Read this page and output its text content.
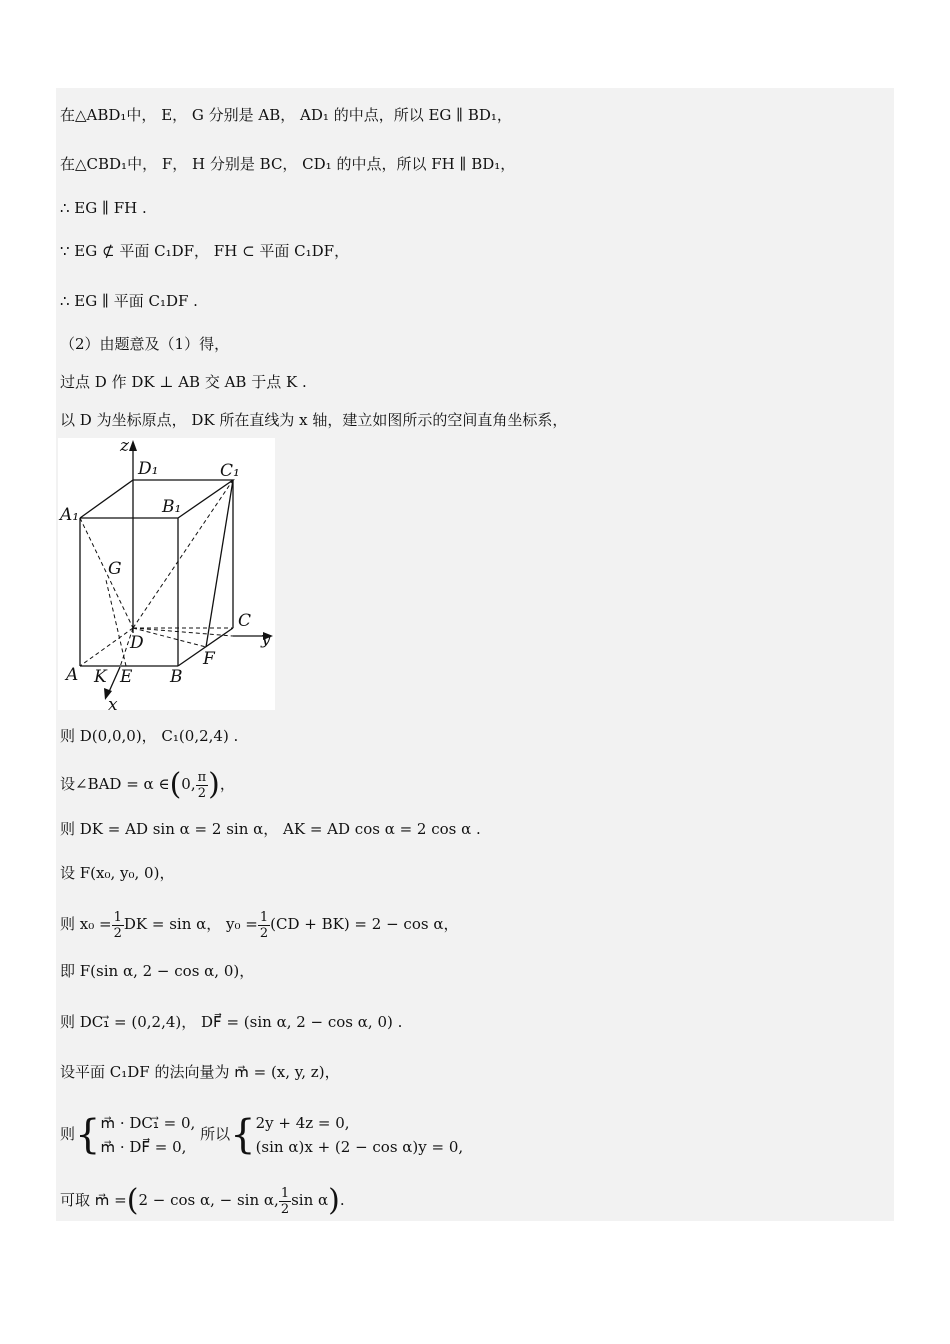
在△ABD₁中， E， G 分别是 AB， AD₁ 的中点，所以 EG ∥ BD₁，
在△CBD₁中， F， H 分别是 BC， CD₁ 的中点，所以 FH ∥ BD₁，
∴ EG ∥ FH .
∵ EG ⊄ 平面 C₁DF， FH ⊂ 平面 C₁DF，
∴ EG ∥ 平面 C₁DF .
（2）由题意及（1）得，
过点 D 作 DK ⊥ AB 交 AB 于点 K .
以 D 为坐标原点， DK 所在直线为 x 轴，建立如图所示的空间直角坐标系，
z
y
x
D₁	C₁
A₁	B₁
G
D
C
F
A K E B
则 D(0,0,0)， C₁(0,2,4) .
设∠BAD = α ∈(0, $\frac{\pi}{2}$ )，
则 DK = AD sin α = 2 sin α， AK = AD cos α = 2 cos α .
设 F(x₀, y₀, 0)，
则 $x_0 = \frac{1}{2}$ DK = sin α， $y_0 = \frac{1}{2} (CD + BK) = 2 - \cos \alpha$，
即 F(sin α, 2 − cos α, 0)，
则 DC₁⃗ = (0,2,4)， DF⃗ = (sin α, 2 − cos α, 0) .
设平面 C₁DF 的法向量为 m⃗ = (x, y, z)，
则{ m⃗ · DC₁⃗ = 0,
m⃗ · DF⃗ = 0,
所以{ 2y + 4z = 0,
(sin α)x + (2 − cos α)y = 0,
可取 m⃗ =(2 − cos α, − sin α, $\frac{1}{2}$ sin α).
